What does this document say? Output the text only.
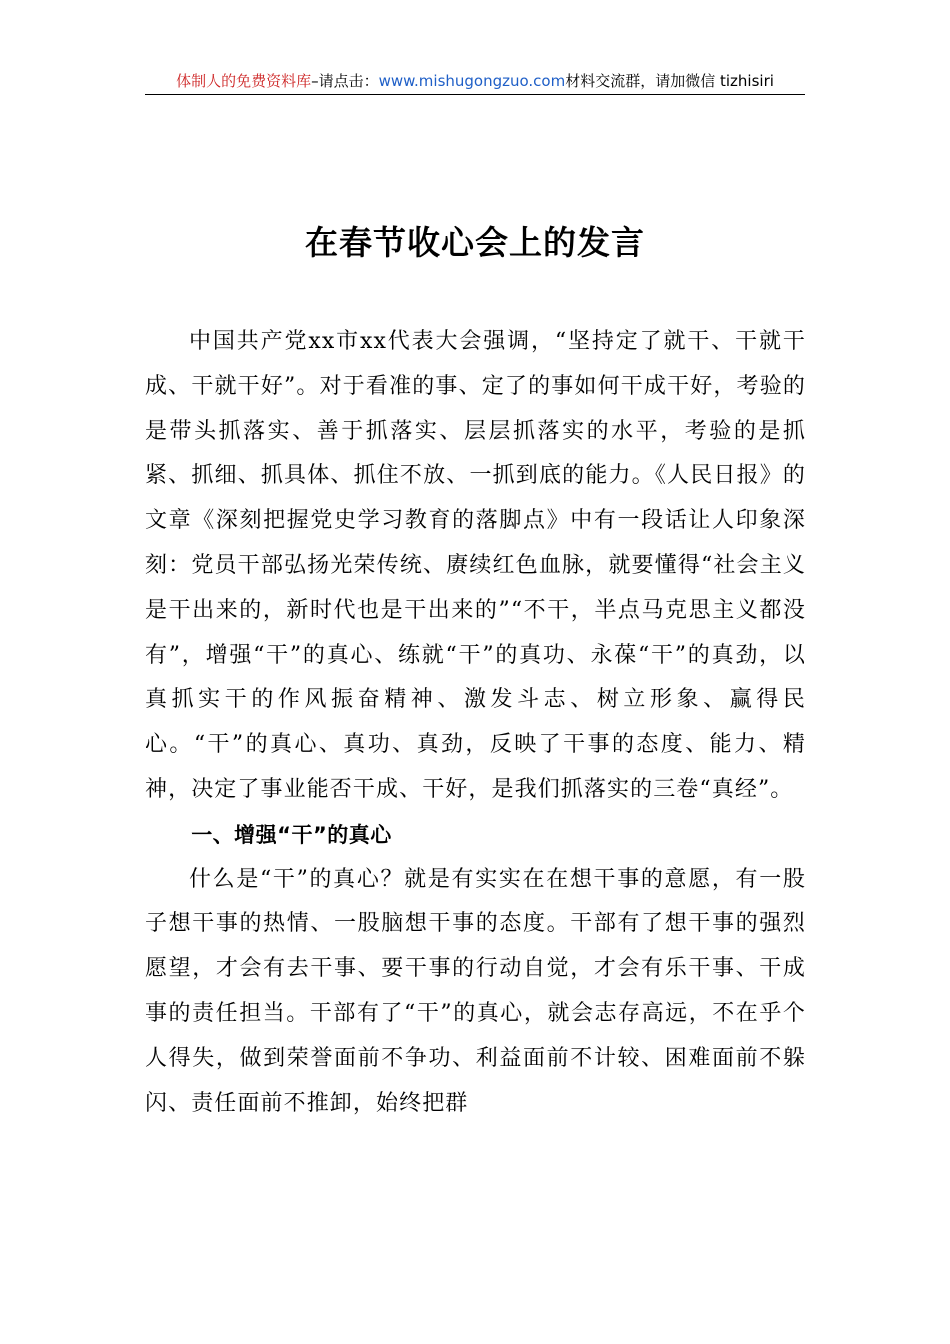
体制人的免费资料库–请点击：www.mishugongzuo.com材料交流群，请加微信 tizhisiri
在春节收心会上的发言

中国共产党xx市xx代表大会强调，“坚持定了就干、干就干成、干就干好”。对于看准的事、定了的事如何干成干好，考验的是带头抓落实、善于抓落实、层层抓落实的水平，考验的是抓紧、抓细、抓具体、抓住不放、一抓到底的能力。《人民日报》的文章《深刻把握党史学习教育的落脚点》中有一段话让人印象深刻：党员干部弘扬光荣传统、赓续红色血脉，就要懂得“社会主义是干出来的，新时代也是干出来的”“不干，半点马克思主义都没有”，增强“干”的真心、练就“干”的真功、永葆“干”的真劲，以真抓实干的作风振奋精神、激发斗志、树立形象、赢得民心。“干”的真心、真功、真劲，反映了干事的态度、能力、精神，决定了事业能否干成、干好，是我们抓落实的三卷“真经”。

一、增强“干”的真心

什么是“干”的真心？就是有实实在在想干事的意愿，有一股子想干事的热情、一股脑想干事的态度。干部有了想干事的强烈愿望，才会有去干事、要干事的行动自觉，才会有乐干事、干成事的责任担当。干部有了“干”的真心，就会志存高远，不在乎个人得失，做到荣誉面前不争功、利益面前不计较、困难面前不躲闪、责任面前不推卸，始终把群
